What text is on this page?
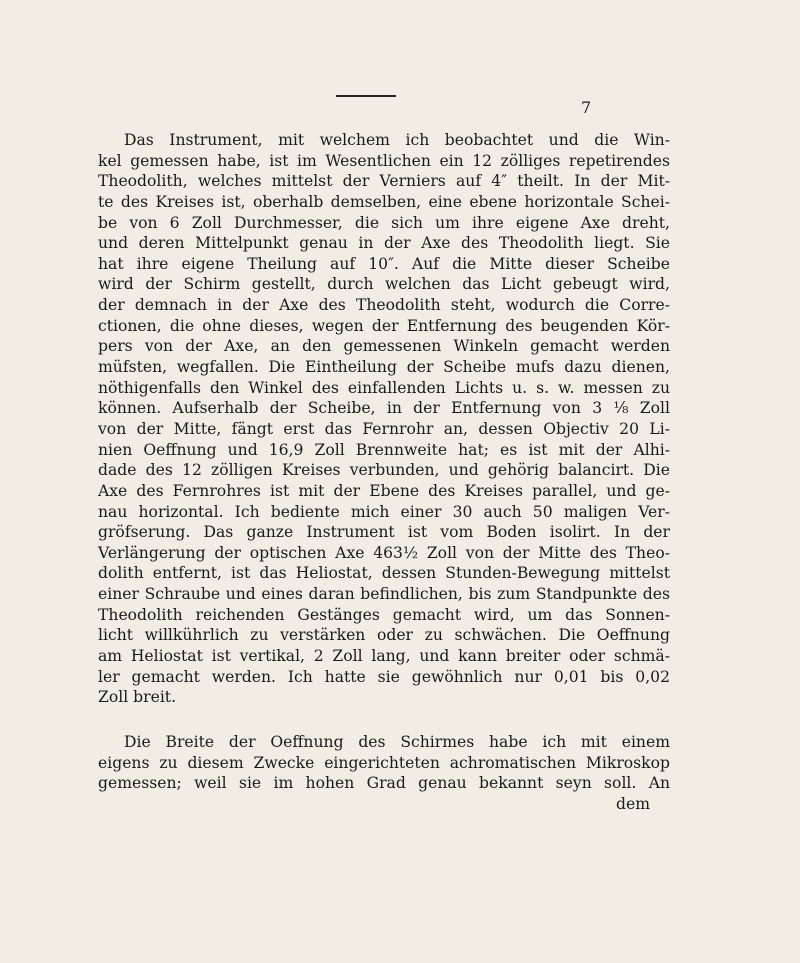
7
Das Instrument, mit welchem ich beobachtet und die Win-
kel gemessen habe, ist im Wesentlichen ein 12 zölliges repetirendes
Theodolith, welches mittelst der Verniers auf 4″ theilt. In der Mit-
te des Kreises ist, oberhalb demselben, eine ebene horizontale Schei-
be von 6 Zoll Durchmesser, die sich um ihre eigene Axe dreht,
und deren Mittelpunkt genau in der Axe des Theodolith liegt. Sie
hat ihre eigene Theilung auf 10″. Auf die Mitte dieser Scheibe
wird der Schirm gestellt, durch welchen das Licht gebeugt wird,
der demnach in der Axe des Theodolith steht, wodurch die Corre-
ctionen, die ohne dieses, wegen der Entfernung des beugenden Kör-
pers von der Axe, an den gemessenen Winkeln gemacht werden
müfsten, wegfallen. Die Eintheilung der Scheibe mufs dazu dienen,
nöthigenfalls den Winkel des einfallenden Lichts u. s. w. messen zu
können. Aufserhalb der Scheibe, in der Entfernung von 3 ⅛ Zoll
von der Mitte, fängt erst das Fernrohr an, dessen Objectiv 20 Li-
nien Oeffnung und 16,9 Zoll Brennweite hat; es ist mit der Alhi-
dade des 12 zölligen Kreises verbunden, und gehörig balancirt. Die
Axe des Fernrohres ist mit der Ebene des Kreises parallel, und ge-
nau horizontal. Ich bediente mich einer 30 auch 50 maligen Ver-
gröfserung. Das ganze Instrument ist vom Boden isolirt. In der
Verlängerung der optischen Axe 463½ Zoll von der Mitte des Theo-
dolith entfernt, ist das Heliostat, dessen Stunden-Bewegung mittelst
einer Schraube und eines daran befindlichen, bis zum Standpunkte des
Theodolith reichenden Gestänges gemacht wird, um das Sonnen-
licht willkührlich zu verstärken oder zu schwächen. Die Oeffnung
am Heliostat ist vertikal, 2 Zoll lang, und kann breiter oder schmä-
ler gemacht werden. Ich hatte sie gewöhnlich nur 0,01 bis 0,02
Zoll breit.
Die Breite der Oeffnung des Schirmes habe ich mit einem
eigens zu diesem Zwecke eingerichteten achromatischen Mikroskop
gemessen; weil sie im hohen Grad genau bekannt seyn soll. An
dem
